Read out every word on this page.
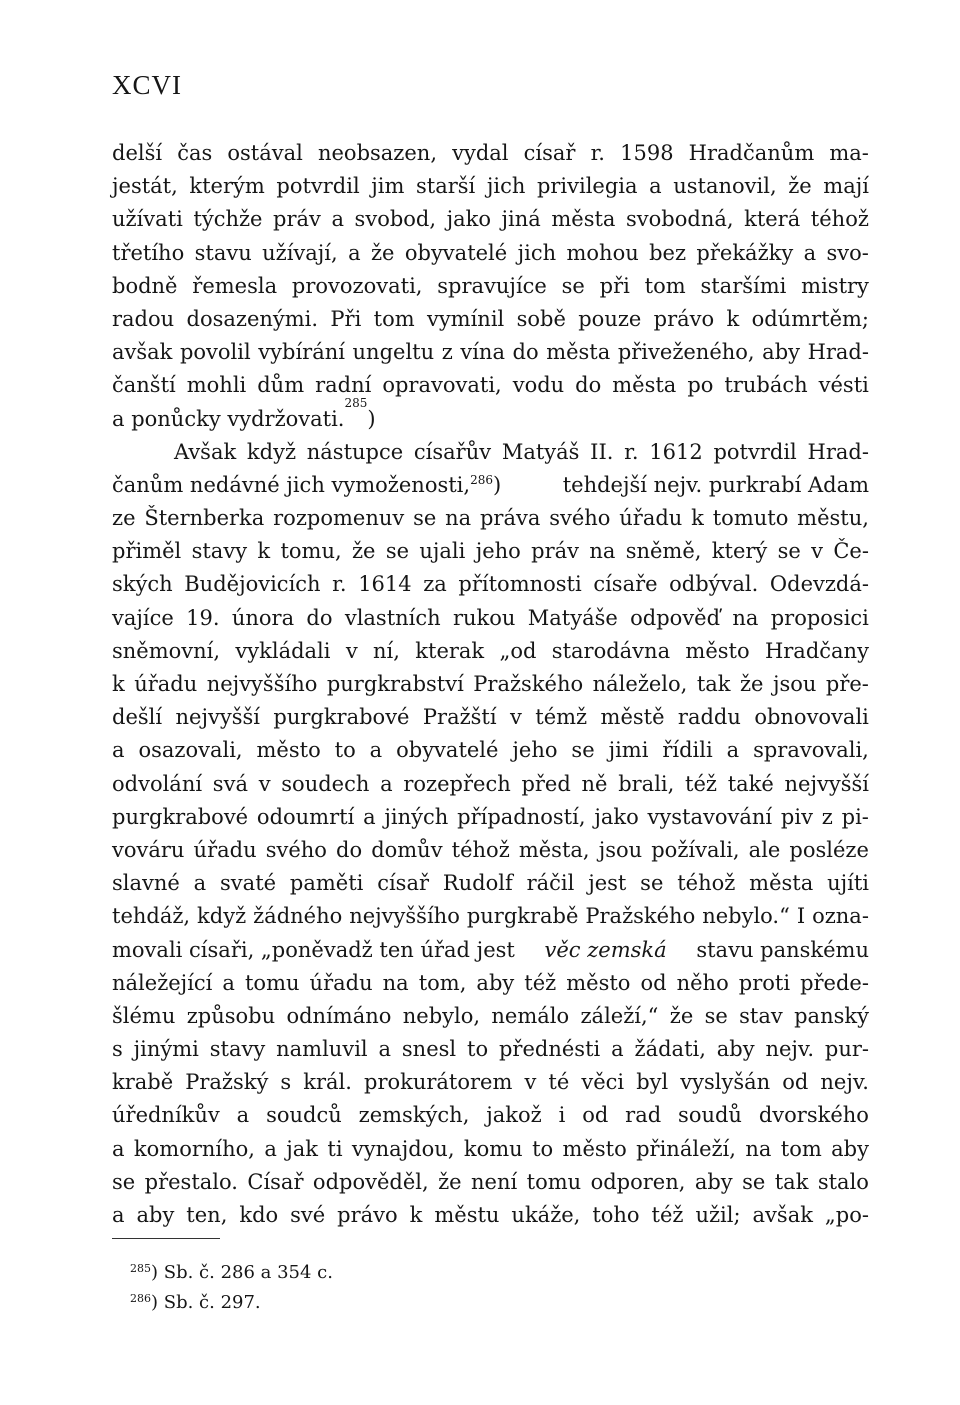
XCVI
delší čas ostával neobsazen, vydal císař r. 1598 Hradčanům ma-
jestát, kterým potvrdil jim starší jich privilegia a ustanovil, že mají
užívati týchže práv a svobod, jako jiná města svobodná, která téhož
třetího stavu užívají, a že obyvatelé jich mohou bez překážky a svo-
bodně řemesla provozovati, spravujíce se při tom staršími mistry
radou dosazenými. Při tom vymínil sobě pouze právo k odúmrtěm;
avšak povolil vybírání ungeltu z vína do města přiveženého, aby Hrad-
čanští mohli dům radní opravovati, vodu do města po trubách vésti
a ponůcky vydržovati.
285
)
Avšak když nástupce císařův Matyáš II. r. 1612 potvrdil Hrad-
čanům nedávné jich vymoženosti,$^{286}$)	tehdejší nejv. purkrabí Adam
ze Šternberka rozpomenuv se na práva svého úřadu k tomuto městu,
přiměl stavy k tomu, že se ujali jeho práv na sněmě, který se v Če-
ských Budějovicích r. 1614 za přítomnosti císaře odbýval. Odevzdá-
vajíce 19. února do vlastních rukou Matyáše odpověď na proposici
sněmovní, vykládali v ní, kterak „od starodávna město Hradčany
k úřadu nejvyššího purgkrabství Pražského náleželo, tak že jsou pře-
dešlí nejvyšší purgkrabové Pražští v témž městě raddu obnovovali
a osazovali, město to a obyvatelé jeho se jimi řídili a spravovali,
odvolání svá v soudech a rozepřech před ně brali, též také nejvyšší
purgkrabové odoumrtí a jiných případností, jako vystavování piv z pi-
vováru úřadu svého do domův téhož města, jsou požívali, ale posléze
slavné a svaté paměti císař Rudolf ráčil jest se téhož města ujíti
tehdáž, když žádného nejvyššího purgkrabě Pražského nebylo.“ I ozna-
movali císaři, „poněvadž ten úřad jest věc zemská stavu panskému
náležející a tomu úřadu na tom, aby též město od něho proti přede-
šlému způsobu odnímáno nebylo, nemálo záleží,“ že se stav panský
s jinými stavy namluvil a snesl to přednésti a žádati, aby nejv. pur-
krabě Pražský s král. prokurátorem v té věci byl vyslyšán od nejv.
úředníkův a soudců zemských, jakož i od rad soudů dvorského
a komorního, a jak ti vynajdou, komu to město přináleží, na tom aby
se přestalo. Císař odpověděl, že není tomu odporen, aby se tak stalo
a aby ten, kdo své právo k městu ukáže, toho též užil; avšak „po-
$^{285}$) Sb. č. 286 a 354 c.
$^{286}$) Sb. č. 297.
